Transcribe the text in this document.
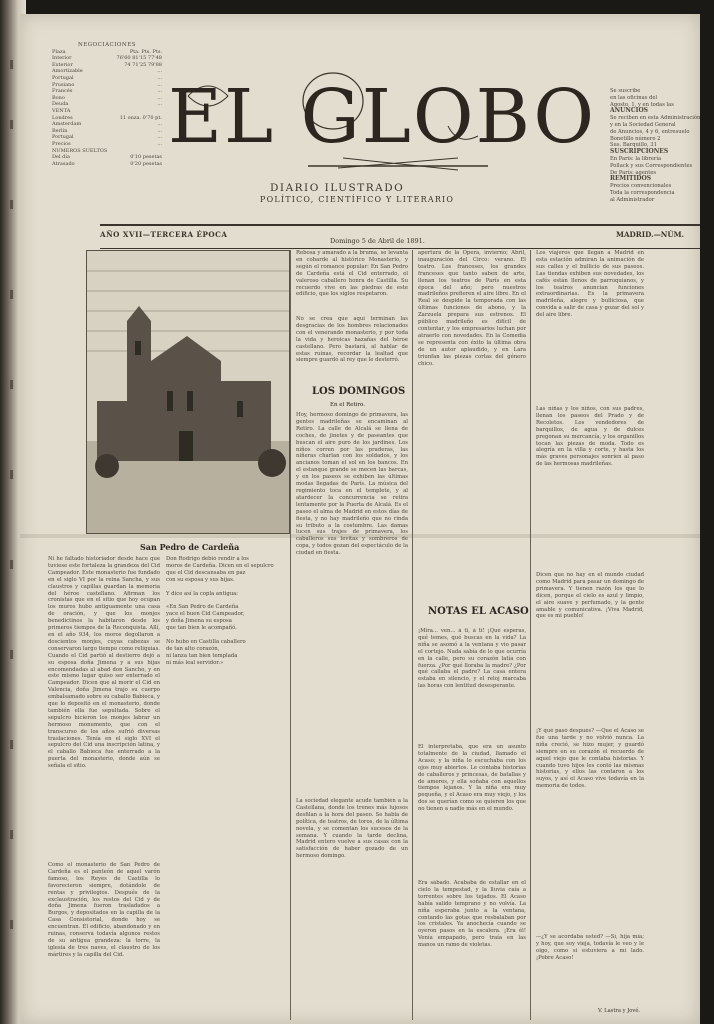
NEGOCIACIONES
Plaza	Pta. Pts. Pts.
Interior	76'60 81'15 77'48
Exterior	74 71'25 79'88
Amortizable	...
Portugal	...
Prusiano	...
Francés	...
Bono	...
Deuda	...
VENTA
Londres	11 onza. 0'70 pt.
Amsterdam	...
Berlín	...
Portugal	...
Precios	...
NUMEROS SUELTOS
Del día	0'10 pesetas
Atrasado	0'20 pesetas
EL GLOBO
DIARIO ILUSTRADO
POLÍTICO, CIENTÍFICO Y LITERARIO
Se suscribe
en las oficinas del
Agosto, 1, y en todas las
ANUNCIOS
Se reciben en esta Administración
y en la Sociedad General
de Anuncios, 4 y 6, entresuelo
Bonetillo número 2
Sus. Barquillo, 31
SUSCRIPCIONES
En Paris: la librería
Pollack y sus Correspondientes
De París: agentes
REMITIDOS
Precios convencionales
Toda la correspondencia
al Administrador
AÑO XVII—TERCERA ÉPOCA
Domingo 5 de Abril de 1891.
MADRID.—NÚM.
San Pedro de Cardeña
Ni he faltado historiador desde hace que tuviese este fortaleza la grandeza del Cid Campeador. Este monasterio fue fundado en el siglo VI por la reina Sancha, y sus claustros y capillas guardan la memoria del héroe castellano. Afirman los cronistas que en el sitio que hoy ocupan los muros hubo antiguamente una casa de oración, y que los monjes benedictinos la habitaron desde los primeros tiempos de la Reconquista. Allí, en el año 934, los moros degollaron a doscientos monjes, cuyas cabezas se conservaron largo tiempo como reliquias. Cuando el Cid partió al destierro dejó a su esposa doña Jimena y a sus hijas encomendadas al abad don Sancho, y en este mismo lugar quiso ser enterrado el Campeador. Dicen que al morir el Cid en Valencia, doña Jimena trajo su cuerpo embalsamado sobre su caballo Babieca, y que lo depositó en el monasterio, donde también ella fue sepultada. Sobre el sepulcro hicieron los monjes labrar un hermoso monumento, que con el transcurso de los años sufrió diversas traslaciones. Tenía en el siglo XVI el sepulcro del Cid una inscripción latina, y el caballo Babieca fue enterrado a la puerta del monasterio, donde aún se señala el sitio.
Como el monasterio de San Pedro de Cardeña es el panteón de aquel varón famoso, los Reyes de Castilla lo favorecieron siempre, dotándole de rentas y privilegios. Después de la exclaustración, los restos del Cid y de doña Jimena fueron trasladados a Burgos, y depositados en la capilla de la Casa Consistorial, donde hoy se encuentran. El edificio, abandonado y en ruinas, conserva todavía algunos restos de su antigua grandeza: la torre, la iglesia de tres naves, el claustro de los mártires y la capilla del Cid.
Don Rodrigo debió rendir a los
moros de Cardeña. Dicen en el sepulcro
que el Cid descansaba en paz
con su esposa y sus hijas.

Y dice así la copla antigua:

«En San Pedro de Cardeña
yace el buen Cid Campeador,
y doña Jimena su esposa
que tan bien le acompañó.

No hubo en Castilla caballero
de tan alto corazón,
ni lanza tan bien templada
ni más leal servidor.»
Rebosa y amarado a la bruma, se levanta en cobarde al histórico Monasterio, y según el romance popular: En San Pedro de Cardeña está el Cid enterrado, el valeroso caballero honra de Castilla. Su recuerdo vive en las piedras de este edificio, que los siglos respetaron.
No se crea que aquí terminan las desgracias de los hombres relacionados con el venerando monasterio, y por toda la vida y heroicas hazañas del héroe castellano. Pero bastará, al hablar de estas ruinas, recordar la lealtad que siempre guardó al rey que le desterró.
LOS DOMINGOS
En el Retiro.
Hoy, hermoso domingo de primavera, las gentes madrileñas se encaminan al Retiro. La calle de Alcalá se llena de coches, de jinetes y de paseantes que buscan el aire puro de los jardines. Los niños corren por las praderas, las niñeras charlan con los soldados, y los ancianos toman el sol en los bancos. En el estanque grande se mecen las barcas, y en los paseos se exhiben las últimas modas llegadas de París. La música del regimiento toca en el templete, y al atardecer la concurrencia se retira lentamente por la Puerta de Alcalá. Es el paseo el alma de Madrid en estos días de fiesta, y no hay madrileño que no rinda su tributo a la costumbre. Las damas lucen sus trajes de primavera, los caballeros sus levitas y sombreros de copa, y todos gozan del espectáculo de la ciudad en fiesta.
La sociedad elegante acude también a la Castellana, donde los trenes más lujosos desfilan a la hora del paseo. Se habla de política, de teatros, de toros, de la última novela, y se comentan los sucesos de la semana. Y cuando la tarde declina, Madrid entero vuelve a sus casas con la satisfacción de haber gozado de un hermoso domingo.
apertura de la Ópera, invierno; Abril, inauguración del Circo: verano. El teatro. Los franceses, los grandes franceses que tanto saben de arte, llenan los teatros de París en esta época del año; pero nuestros madrileños prefieren el aire libre. En el Real se despide la temporada con las últimas funciones de abono, y la Zarzuela prepara sus estrenos. El público madrileño es difícil de contentar, y los empresarios luchan por atraerlo con novedades. En la Comedia se representa con éxito la última obra de un autor aplaudido, y en Lara triunfan las piezas cortas del género chico.
NOTAS EL ACASO
¡Mira... ven... á ti, á ti! ¡Qué esperas, qué temes, qué buscas en la vida? La niña se asomó a la ventana y vio pasar el cortejo. Nada sabía de lo que ocurría en la calle, pero su corazón latía con fuerza. ¿Por qué lloraba la madre? ¿Por qué callaba el padre? La casa entera estaba en silencio, y el reloj marcaba las horas con lentitud desesperante.
Él interpretaba, que era un asunto totalmente de la ciudad, llamado el Acaso; y la niña lo escuchaba con los ojos muy abiertos. Le contaba historias de caballeros y princesas, de batallas y de amores, y ella soñaba con aquellos tiempos lejanos. Y la niña era muy pequeña, y el Acaso era muy viejo, y los dos se querían como se quieren los que no tienen a nadie más en el mundo.
Era sábado. Acababa de estallar en el cielo la tempestad, y la lluvia caía a torrentes sobre los tejados. El Acaso había salido temprano y no volvía. La niña esperaba junto a la ventana, contando las gotas que resbalaban por los cristales. Ya anochecía cuando se oyeron pasos en la escalera. ¡Era él! Venía empapado, pero traía en las manos un ramo de violetas.
Los viajeros que llegan a Madrid en esta estación admiran la animación de sus calles y el bullicio de sus paseos. Las tiendas exhiben sus novedades, los cafés están llenos de parroquianos, y los teatros anuncian funciones extraordinarias. Es la primavera madrileña, alegre y bulliciosa, que convida a salir de casa y gozar del sol y del aire libre.
Las niñas y los niños, con sus padres, llenan los paseos del Prado y de Recoletos. Los vendedores de barquillos, de agua y de dulces pregonan su mercancía, y los organillos tocan las piezas de moda. Todo es alegría en la villa y corte, y hasta los más graves personajes sonríen al paso de las hermosas madrileñas.
Dicen que no hay en el mundo ciudad como Madrid para pasar un domingo de primavera. Y tienen razón los que lo dicen, porque el cielo es azul y limpio, el aire suave y perfumado, y la gente amable y comunicativa. ¡Viva Madrid, que es mi pueblo!
¡Y qué pasó después? —Que el Acaso se fue una tarde y no volvió nunca. La niña creció, se hizo mujer, y guardó siempre en su corazón el recuerdo de aquel viejo que le contaba historias. Y cuando tuvo hijos les contó las mismas historias, y ellos las contaron a los suyos, y así el Acaso vive todavía en la memoria de todos.
—¿Y se acordaba usted? —Sí, hija mía; y hoy, que soy vieja, todavía le veo y le oigo, como si estuviera a mi lado. ¡Pobre Acaso!
V. Lastra y Jové.
